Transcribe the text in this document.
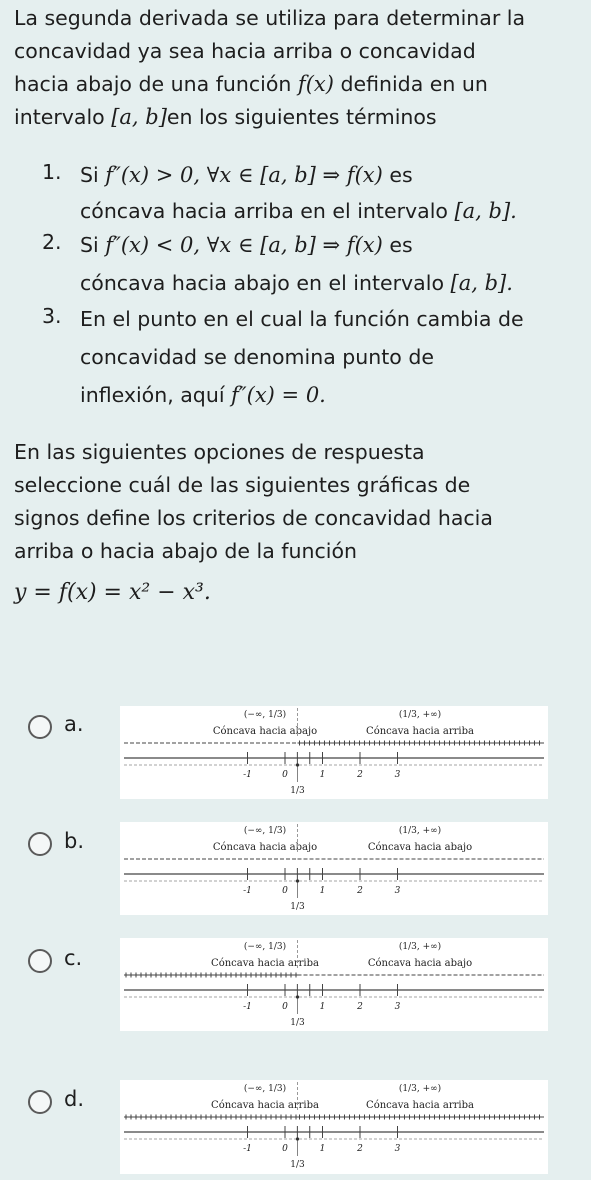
La segunda derivada se utiliza para determinar la
concavidad ya sea hacia arriba o concavidad
hacia abajo de una función f(x) definida en un
intervalo [a, b]en los siguientes términos
1. Si f″(x) > 0, ∀x ∈ [a, b] ⇒ f(x) es
cóncava hacia arriba en el intervalo [a, b].
2. Si f″(x) < 0, ∀x ∈ [a, b] ⇒ f(x) es
cóncava hacia abajo en el intervalo [a, b].
3. En el punto en el cual la función cambia de
concavidad se denomina punto de
inflexión, aquí f″(x) = 0.
En las siguientes opciones de respuesta
seleccione cuál de las siguientes gráficas de
signos define los criterios de concavidad hacia
arriba o hacia abajo de la función
y = f(x) = x² − x³.
a.	(−∞, 1/3)	(1/3, +∞)
Cóncava hacia abajo	Cóncava hacia arriba
-1	0	1	2	3
1/3
b.	(−∞, 1/3)	(1/3, +∞)
Cóncava hacia abajo	Cóncava hacia abajo
-1	0	1	2	3
1/3
c.	(−∞, 1/3)	(1/3, +∞)
Cóncava hacia arriba	Cóncava hacia abajo
-1	0	1	2	3
1/3
d.	(−∞, 1/3)	(1/3, +∞)
Cóncava hacia arriba	Cóncava hacia arriba
-1	0	1	2	3
1/3
